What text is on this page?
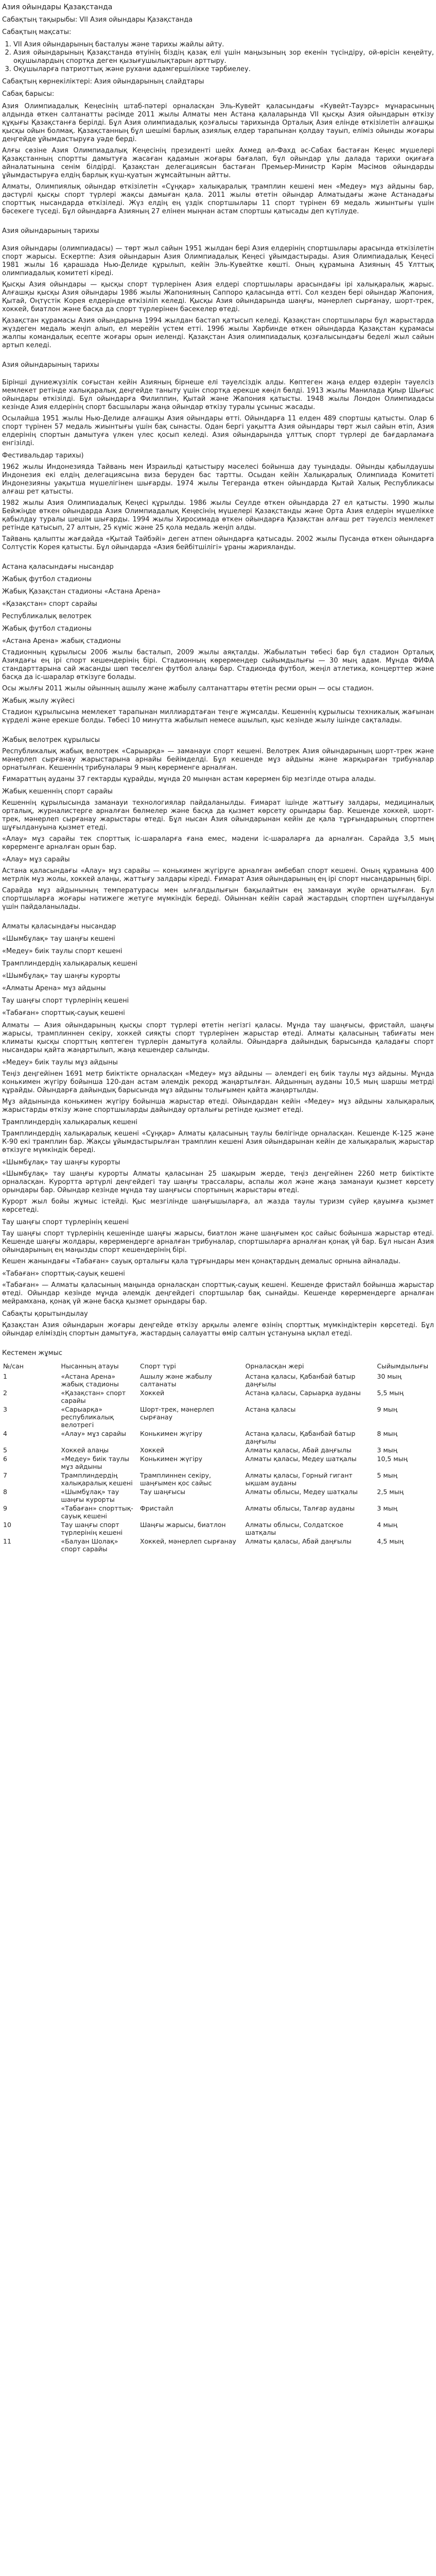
Азия ойындары Қазақстанда
Сабақтың тақырыбы: VII Азия ойындары Қазақстанда
Сабақтың мақсаты:
1. VII Азия ойындарының басталуы және тарихы жайлы айту.
2. Азия ойындарының Қазақстанда өтуінің біздің қазақ елі үшін маңызының зор екенін түсіндіру, ой-өрісін кеңейту, оқушылардың спортқа деген қызығушылықтарын арттыру.
3. Оқушыларға патриоттық және рухани адамгершілікке тәрбиелеу.
Сабақтың көрнекіліктері: Азия ойындарының слайдтары
Сабақ барысы:

Азия Олимпиадалық Кеңесінің штаб-пәтері орналасқан Эль-Кувейт қаласындағы «Кувейт-Тауэрс» мұнарасының алдында өткен салтанатты рәсімде 2011 жылы Алматы мен Астана қалаларында VII қысқы Азия ойындарын өткізу құқығы Қазақстанға берілді. Бұл Азия олимпиадалық қозғалысы тарихында Орталық Азия елінде өткізілетін алғашқы қысқы ойын болмақ. Қазақстанның бұл шешімі барлық азиялық елдер тарапынан қолдау тауып, еліміз ойынды жоғары деңгейде ұйымдастыруға уәде берді.

Алғы сөзіне Азия Олимпиадалық Кеңесінің президенті шейх Ахмед әл-Фахд әс-Сабах бастаған Кеңес мүшелері Қазақстанның спортты дамытуға жасаған қадамын жоғары бағалап, бұл ойындар ұлы далада тарихи оқиғаға айналатынына сенім білдірді. Қазақстан делегациясын бастаған Премьер-Министр Кәрім Мәсімов ойындарды ұйымдастыруға елдің барлық күш-қуатын жұмсайтынын айтты.

Алматы, Олимпиялық ойындар өткізілетін «Сұңқар» халықаралық трамплин кешені мен «Медеу» мұз айдыны бар, дәстүрлі қысқы спорт түрлері жақсы дамыған қала. 2011 жылы өтетін ойындар Алматыдағы және Астанадағы спорттық нысандарда өткізіледі. Жүз елдің ең үздік спортшылары 11 спорт түрінен 69 медаль жиынтығы үшін бәсекеге түседі. Бұл ойындарға Азияның 27 елінен мыңнан астам спортшы қатысады деп күтілуде.

Азия ойындарының тарихы

Азия ойындары (олимпиадасы) — төрт жыл сайын 1951 жылдан бері Азия елдерінің спортшылары арасында өткізілетін спорт жарысы. Ескертпе: Азия ойындарын Азия Олимпиадалық Кеңесі ұйымдастырады. Азия Олимпиадалық Кеңесі 1981 жылы 16 қарашада Нью-Делиде құрылып, кейін Эль-Кувейтке көшті. Оның құрамына Азияның 45 Ұлттық олимпиадалық комитеті кіреді.

Қысқы Азия ойындары — қысқы спорт түрлерінен Азия елдері спортшылары арасындағы ірі халықаралық жарыс. Алғашқы қысқы Азия ойындары 1986 жылы Жапонияның Саппоро қаласында өтті. Сол кезден бері ойындар Жапония, Қытай, Оңтүстік Корея елдерінде өткізіліп келеді. Қысқы Азия ойындарында шаңғы, мәнерлеп сырғанау, шорт-трек, хоккей, биатлон және басқа да спорт түрлерінен бәсекелер өтеді.

Қазақстан құрамасы Азия ойындарына 1994 жылдан бастап қатысып келеді. Қазақстан спортшылары бұл жарыстарда жүздеген медаль жеңіп алып, ел мерейін үстем етті. 1996 жылы Харбинде өткен ойындарда Қазақстан құрамасы жалпы командалық есепте жоғары орын иеленді. Қазақстан Азия олимпиадалық қозғалысындағы беделі жыл сайын артып келеді.

Азия ойындарының тарихы

Бірінші дүниежүзілік соғыстан кейін Азияның бірнеше елі тәуелсіздік алды. Көптеген жаңа елдер өздерін тәуелсіз мемлекет ретінде халықаралық деңгейде таныту үшін спортқа ерекше көңіл бөлді. 1913 жылы Манилада Қиыр Шығыс ойындары өткізілді. Бұл ойындарға Филиппин, Қытай және Жапония қатысты. 1948 жылы Лондон Олимпиадасы кезінде Азия елдерінің спорт басшылары жаңа ойындар өткізу туралы ұсыныс жасады.

Осылайша 1951 жылы Нью-Делиде алғашқы Азия ойындары өтті. Ойындарға 11 елден 489 спортшы қатысты. Олар 6 спорт түрінен 57 медаль жиынтығы үшін бақ сынасты. Одан бергі уақытта Азия ойындары төрт жыл сайын өтіп, Азия елдерінің спортын дамытуға үлкен үлес қосып келеді. Азия ойындарында ұлттық спорт түрлері де бағдарламаға енгізілді.

Фестивальдар тарихы)

1962 жылы Индонезияда Тайвань мен Израильді қатыстыру мәселесі бойынша дау туындады. Ойынды қабылдаушы Индонезия екі елдің делегациясына виза беруден бас тартты. Осыдан кейін Халықаралық Олимпиада Комитеті Индонезияны уақытша мүшелігінен шығарды. 1974 жылы Тегеранда өткен ойындарда Қытай Халық Республикасы алғаш рет қатысты.

1982 жылы Азия Олимпиадалық Кеңесі құрылды. 1986 жылы Сеулде өткен ойындарда 27 ел қатысты. 1990 жылы Бейжіңде өткен ойындарда Азия Олимпиадалық Кеңесінің мүшелері Қазақстанды және Орта Азия елдерін мүшелікке қабылдау туралы шешім шығарды. 1994 жылы Хиросимада өткен ойындарға Қазақстан алғаш рет тәуелсіз мемлекет ретінде қатысып, 27 алтын, 25 күміс және 25 қола медаль жеңіп алды.

Тайвань қалыпты жағдайда «Қытай Тайбэйі» деген атпен ойындарға қатысады. 2002 жылы Пусанда өткен ойындарға Солтүстік Корея қатысты. Бұл ойындарда «Азия бейбітшілігі» ұраны жарияланды.

Астана қаласындағы нысандар
Жабық футбол стадионы
Жабық Қазақстан стадионы «Астана Арена»
«Қазақстан» спорт сарайы
Республикалық велотрек
Жабық футбол стадионы
«Астана Арена» жабық стадионы

Стадионның құрылысы 2006 жылы басталып, 2009 жылы аяқталды. Жабылатын төбесі бар бұл стадион Орталық Азиядағы ең ірі спорт кешендерінің бірі. Стадионның көрермендер сыйымдылығы — 30 мың адам. Мұнда ФИФА стандарттарына сай жасанды шөп төселген футбол алаңы бар. Стадионда футбол, жеңіл атлетика, концерттер және басқа да іс-шаралар өткізуге болады.

Осы жылғы 2011 жылы ойынның ашылу және жабылу салтанаттары өтетін ресми орын — осы стадион.

Жабық жылу жүйесі

Стадион құрылысына мемлекет тарапынан миллиардтаған теңге жұмсалды. Кешеннің құрылысы техникалық жағынан күрделі және ерекше болды. Төбесі 10 минутта жабылып немесе ашылып, қыс кезінде жылу ішінде сақталады.

Жабық велотрек құрылысы

Республикалық жабық велотрек «Сарыарқа» — заманауи спорт кешені. Велотрек Азия ойындарының шорт-трек және мәнерлеп сырғанау жарыстарына арнайы бейімделді. Бұл кешенде мұз айдыны және жарқыраған трибуналар орнатылған. Кешеннің трибуналары 9 мың көрерменге арналған.

Ғимараттың ауданы 37 гектарды құрайды, мұнда 20 мыңнан астам көрермен бір мезгілде отыра алады.

Жабық кешеннің спорт сарайы

Кешеннің құрылысында заманауи технологиялар пайдаланылды. Ғимарат ішінде жаттығу залдары, медициналық орталық, журналистерге арналған бөлмелер және басқа да қызмет көрсету орындары бар. Кешенде хоккей, шорт-трек, мәнерлеп сырғанау жарыстары өтеді. Бұл нысан Азия ойындарынан кейін де қала тұрғындарының спортпен шұғылдануына қызмет етеді.

«Алау» мұз сарайы тек спорттық іс-шараларға ғана емес, мәдени іс-шараларға да арналған. Сарайда 3,5 мың көрерменге арналған орын бар.

«Алау» мұз сарайы

Астана қаласындағы «Алау» мұз сарайы — конькимен жүгіруге арналған әмбебап спорт кешені. Оның құрамына 400 метрлік мұз жолы, хоккей алаңы, жаттығу залдары кіреді. Ғимарат Азия ойындарының ең ірі спорт нысандарының бірі.

Сарайда мұз айдынының температурасы мен ылғалдылығын бақылайтын ең заманауи жүйе орнатылған. Бұл спортшыларға жоғары нәтижеге жетуге мүмкіндік береді. Ойыннан кейін сарай жастардың спортпен шұғылдануы үшін пайдаланылады.

Алматы қаласындағы нысандар
«Шымбұлақ» тау шаңғы кешені
«Медеу» биік таулы спорт кешені
Трамплиндердің халықаралық кешені
«Шымбұлақ» тау шаңғы курорты
«Алматы Арена» мұз айдыны
Тау шаңғы спорт түрлерінің кешені
«Табаған» спорттық-сауық кешені

Алматы — Азия ойындарының қысқы спорт түрлері өтетін негізгі қаласы. Мұнда тау шаңғысы, фристайл, шаңғы жарысы, трамплиннен секіру, хоккей сияқты спорт түрлерінен жарыстар өтеді. Алматы қаласының табиғаты мен климаты қысқы спорттың көптеген түрлерін дамытуға қолайлы. Ойындарға дайындық барысында қаладағы спорт нысандары қайта жаңартылып, жаңа кешендер салынды.

«Медеу» биік таулы мұз айдыны

Теңіз деңгейінен 1691 метр биіктікте орналасқан «Медеу» мұз айдыны — әлемдегі ең биік таулы мұз айдыны. Мұнда конькимен жүгіру бойынша 120-дан астам әлемдік рекорд жаңартылған. Айдынның ауданы 10,5 мың шаршы метрді құрайды. Ойындарға дайындық барысында мұз айдыны толығымен қайта жаңартылды.

Мұз айдынында конькимен жүгіру бойынша жарыстар өтеді. Ойындардан кейін «Медеу» мұз айдыны халықаралық жарыстарды өткізу және спортшыларды дайындау орталығы ретінде қызмет етеді.

Трамплиндердің халықаралық кешені

Трамплиндердің халықаралық кешені «Сұңқар» Алматы қаласының таулы бөлігінде орналасқан. Кешенде К-125 және К-90 екі трамплин бар. Жақсы ұйымдастырылған трамплин кешені Азия ойындарынан кейін де халықаралық жарыстар өткізуге мүмкіндік береді.

«Шымбұлақ» тау шаңғы курорты

«Шымбұлақ» тау шаңғы курорты Алматы қаласынан 25 шақырым жерде, теңіз деңгейінен 2260 метр биіктікте орналасқан. Курортта әртүрлі деңгейдегі тау шаңғы трассалары, аспалы жол және жаңа заманауи қызмет көрсету орындары бар. Ойындар кезінде мұнда тау шаңғысы спортының жарыстары өтеді.

Курорт жыл бойы жұмыс істейді. Қыс мезгілінде шаңғышыларға, ал жазда таулы туризм сүйер қауымға қызмет көрсетеді.

Тау шаңғы спорт түрлерінің кешені

Тау шаңғы спорт түрлерінің кешенінде шаңғы жарысы, биатлон және шаңғымен қос сайыс бойынша жарыстар өтеді. Кешенде шаңғы жолдары, көрермендерге арналған трибуналар, спортшыларға арналған қонақ үй бар. Бұл нысан Азия ойындарының ең маңызды спорт кешендерінің бірі.

Кешен жанындағы «Табаған» сауық орталығы қала тұрғындары мен қонақтардың демалыс орнына айналады.

«Табаған» спорттық-сауық кешені

«Табаған» — Алматы қаласының маңында орналасқан спорттық-сауық кешені. Кешенде фристайл бойынша жарыстар өтеді. Ойындар кезінде мұнда әлемдік деңгейдегі спортшылар бақ сынайды. Кешенде көрермендерге арналған мейрамхана, қонақ үй және басқа қызмет орындары бар.

Сабақты қорытындылау

Қазақстан Азия ойындарын жоғары деңгейде өткізу арқылы әлемге өзінің спорттық мүмкіндіктерін көрсетеді. Бұл ойындар еліміздің спортын дамытуға, жастардың салауатты өмір салтын ұстануына ықпал етеді.

Кестемен жұмыс
№/сан	Нысанның атауы	Спорт түрі	Орналасқан жері	Сыйымдылығы
1	«Астана Арена» жабық стадионы	Ашылу және жабылу салтанаты	Астана қаласы, Қабанбай батыр даңғылы	30 мың
2	«Қазақстан» спорт сарайы	Хоккей	Астана қаласы, Сарыарқа ауданы	5,5 мың
3	«Сарыарқа» республикалық велотрегі	Шорт-трек, мәнерлеп сырғанау	Астана қаласы	9 мың
4	«Алау» мұз сарайы	Конькимен жүгіру	Астана қаласы, Қабанбай батыр даңғылы	8 мың
5	Хоккей алаңы	Хоккей	Алматы қаласы, Абай даңғылы	3 мың
6	«Медеу» биік таулы мұз айдыны	Конькимен жүгіру	Алматы қаласы, Медеу шатқалы	10,5 мың
7	Трамплиндердің халықаралық кешені	Трамплиннен секіру, шаңғымен қос сайыс	Алматы қаласы, Горный гигант ықшам ауданы	5 мың
8	«Шымбұлақ» тау шаңғы курорты	Тау шаңғысы	Алматы облысы, Медеу шатқалы	2,5 мың
9	«Табаған» спорттық-сауық кешені	Фристайл	Алматы облысы, Талғар ауданы	3 мың
10	Тау шаңғы спорт түрлерінің кешені	Шаңғы жарысы, биатлон	Алматы облысы, Солдатское шатқалы	4 мың
11	«Балуан Шолақ» спорт сарайы	Хоккей, мәнерлеп сырғанау	Алматы қаласы, Абай даңғылы	4,5 мың
